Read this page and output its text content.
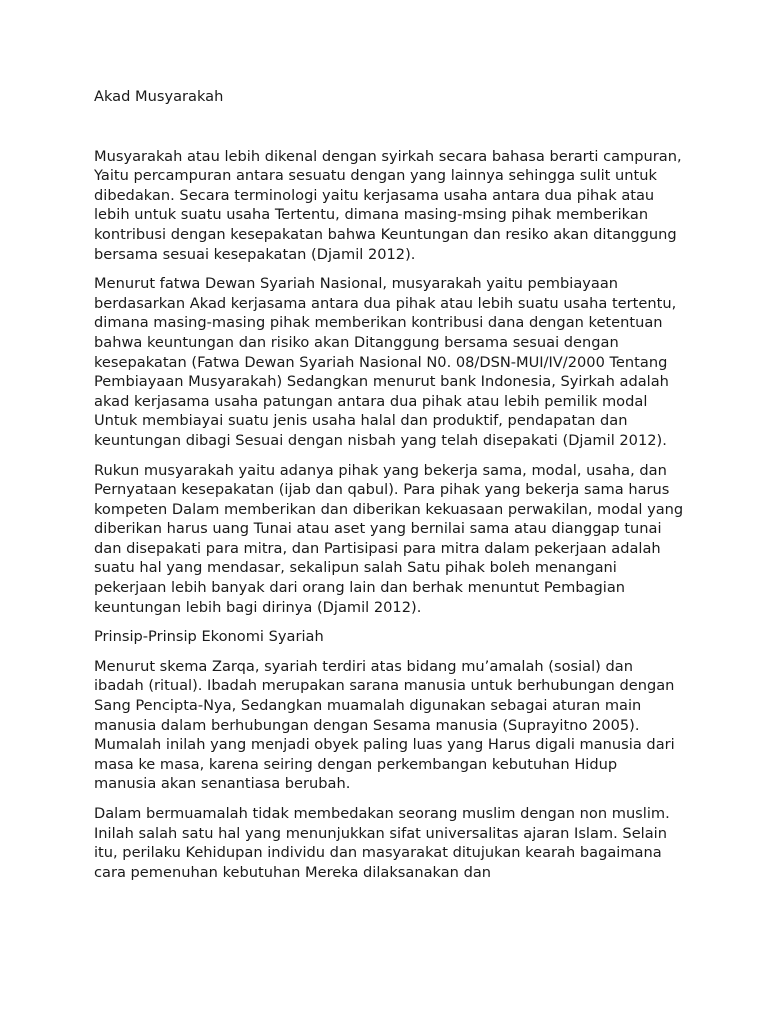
Akad Musyarakah

Musyarakah atau lebih dikenal dengan syirkah secara bahasa berarti campuran, Yaitu percampuran antara sesuatu dengan yang lainnya sehingga sulit untuk dibedakan. Secara terminologi yaitu kerjasama usaha antara dua pihak atau lebih untuk suatu usaha Tertentu, dimana masing-msing pihak memberikan kontribusi dengan kesepakatan bahwa Keuntungan dan resiko akan ditanggung bersama sesuai kesepakatan (Djamil 2012).

Menurut fatwa Dewan Syariah Nasional, musyarakah yaitu pembiayaan berdasarkan Akad kerjasama antara dua pihak atau lebih suatu usaha tertentu, dimana masing-masing pihak memberikan kontribusi dana dengan ketentuan bahwa keuntungan dan risiko akan Ditanggung bersama sesuai dengan kesepakatan (Fatwa Dewan Syariah Nasional N0. 08/DSN-MUI/IV/2000 Tentang Pembiayaan Musyarakah) Sedangkan menurut bank Indonesia, Syirkah adalah akad kerjasama usaha patungan antara dua pihak atau lebih pemilik modal Untuk membiayai suatu jenis usaha halal dan produktif, pendapatan dan keuntungan dibagi Sesuai dengan nisbah yang telah disepakati (Djamil 2012).

Rukun musyarakah yaitu adanya pihak yang bekerja sama, modal, usaha, dan Pernyataan kesepakatan (ijab dan qabul). Para pihak yang bekerja sama harus kompeten Dalam memberikan dan diberikan kekuasaan perwakilan, modal yang diberikan harus uang Tunai atau aset yang bernilai sama atau dianggap tunai dan disepakati para mitra, dan Partisipasi para mitra dalam pekerjaan adalah suatu hal yang mendasar, sekalipun salah Satu pihak boleh menangani pekerjaan lebih banyak dari orang lain dan berhak menuntut Pembagian keuntungan lebih bagi dirinya (Djamil 2012).

Prinsip-Prinsip Ekonomi Syariah

Menurut skema Zarqa, syariah terdiri atas bidang mu’amalah (sosial) dan ibadah (ritual). Ibadah merupakan sarana manusia untuk berhubungan dengan Sang Pencipta-Nya, Sedangkan muamalah digunakan sebagai aturan main manusia dalam berhubungan dengan Sesama manusia (Suprayitno 2005). Mumalah inilah yang menjadi obyek paling luas yang Harus digali manusia dari masa ke masa, karena seiring dengan perkembangan kebutuhan Hidup manusia akan senantiasa berubah.

Dalam bermuamalah tidak membedakan seorang muslim dengan non muslim. Inilah salah satu hal yang menunjukkan sifat universalitas ajaran Islam. Selain itu, perilaku Kehidupan individu dan masyarakat ditujukan kearah bagaimana cara pemenuhan kebutuhan Mereka dilaksanakan dan
